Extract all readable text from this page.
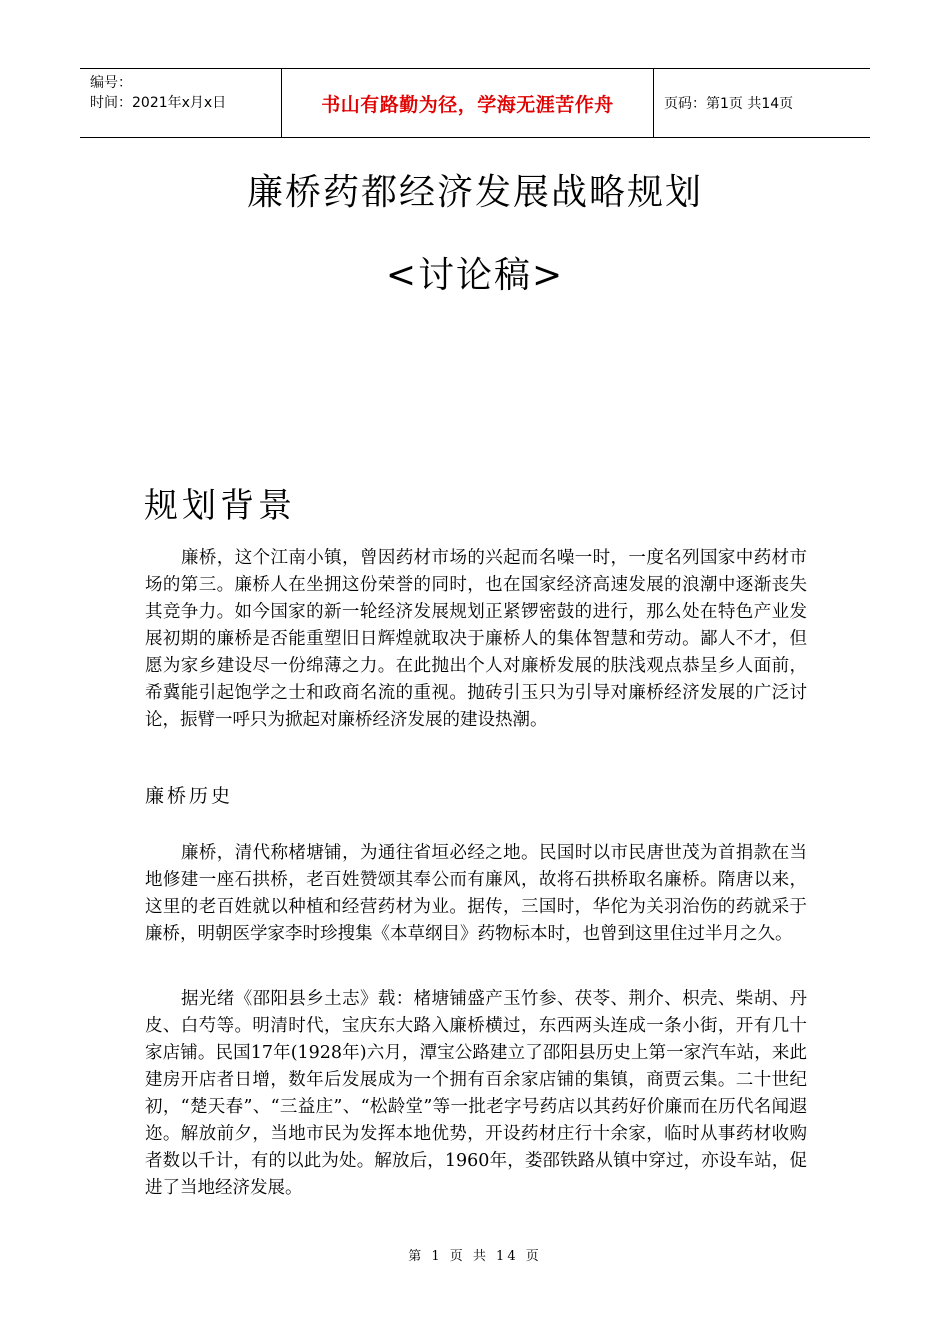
编号：
时间：2021年x月x日	书山有路勤为径，学海无涯苦作舟	页码：第1页 共14页
廉桥药都经济发展战略规划
<讨论稿>
规划背景

廉桥，这个江南小镇，曾因药材市场的兴起而名噪一时，一度名列国家中药材市场的第三。廉桥人在坐拥这份荣誉的同时，也在国家经济高速发展的浪潮中逐渐丧失其竞争力。如今国家的新一轮经济发展规划正紧锣密鼓的进行，那么处在特色产业发展初期的廉桥是否能重塑旧日辉煌就取决于廉桥人的集体智慧和劳动。鄙人不才，但愿为家乡建设尽一份绵薄之力。在此抛出个人对廉桥发展的肤浅观点恭呈乡人面前，希冀能引起饱学之士和政商名流的重视。抛砖引玉只为引导对廉桥经济发展的广泛讨论，振臂一呼只为掀起对廉桥经济发展的建设热潮。

廉桥历史

廉桥，清代称楮塘铺，为通往省垣必经之地。民国时以市民唐世茂为首捐款在当地修建一座石拱桥，老百姓赞颂其奉公而有廉风，故将石拱桥取名廉桥。隋唐以来，这里的老百姓就以种植和经营药材为业。据传，三国时，华佗为关羽治伤的药就采于廉桥，明朝医学家李时珍搜集《本草纲目》药物标本时，也曾到这里住过半月之久。

据光绪《邵阳县乡土志》载：楮塘铺盛产玉竹参、茯苓、荆介、枳壳、柴胡、丹皮、白芍等。明清时代，宝庆东大路入廉桥横过，东西两头连成一条小街，开有几十家店铺。民国17年(1928年)六月，潭宝公路建立了邵阳县历史上第一家汽车站，来此建房开店者日增，数年后发展成为一个拥有百余家店铺的集镇，商贾云集。二十世纪初，“楚天春”、“三益庄”、“松龄堂”等一批老字号药店以其药好价廉而在历代名闻遐迩。解放前夕，当地市民为发挥本地优势，开设药材庄行十余家，临时从事药材收购者数以千计，有的以此为处。解放后，1960年，娄邵铁路从镇中穿过，亦设车站，促进了当地经济发展。

第 1 页 共 14 页
